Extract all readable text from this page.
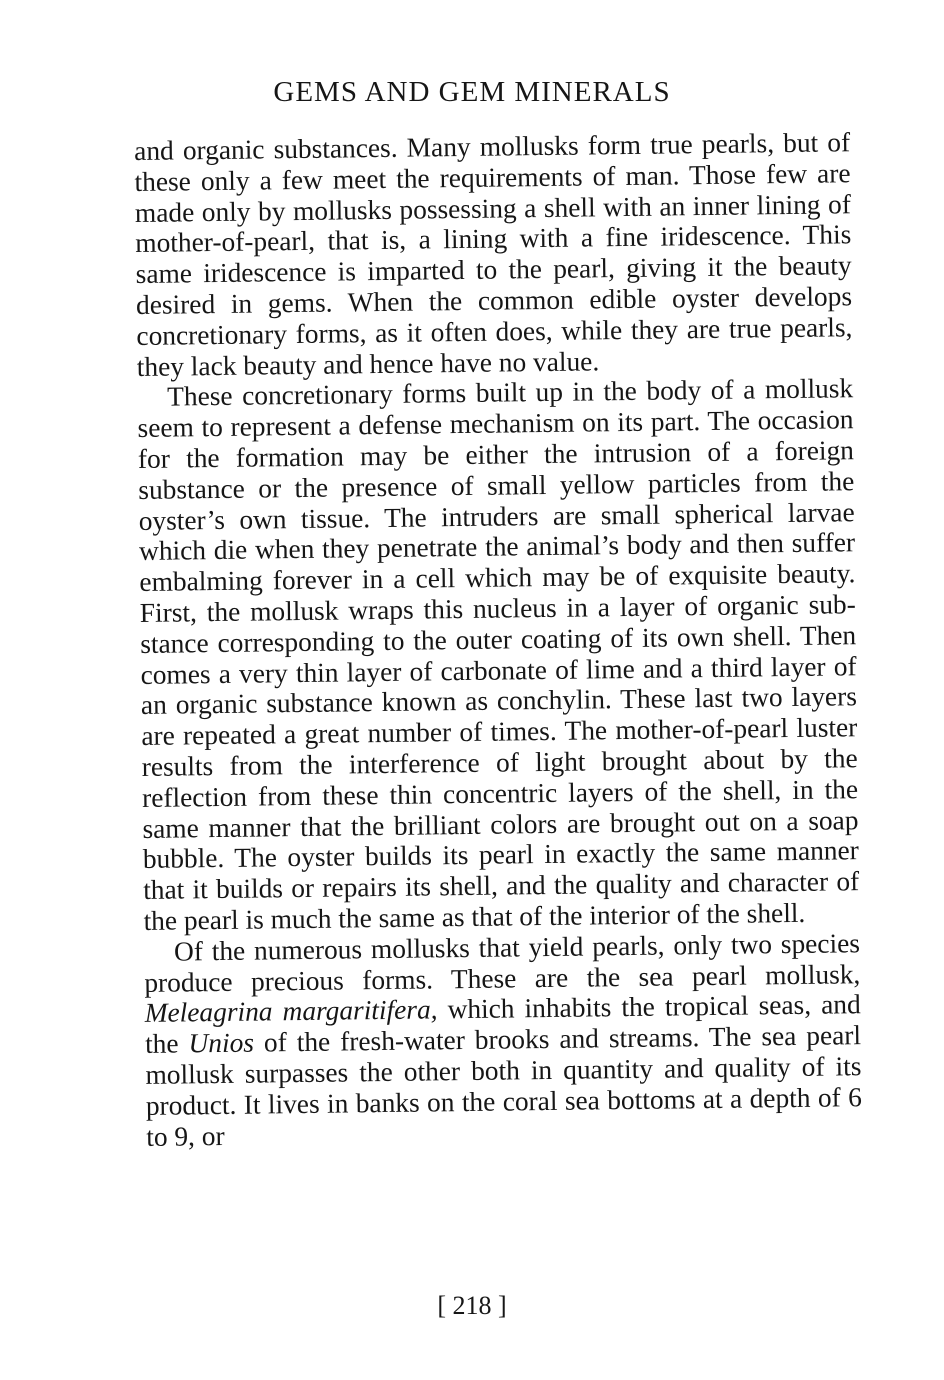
GEMS AND GEM MINERALS

and organic substances. Many mollusks form true pearls, but of these only a few meet the requirements of man. Those few are made only by mollusks possessing a shell with an inner lining of mother-of-pearl, that is, a lining with a fine iridescence. This same iridescence is imparted to the pearl, giving it the beauty desired in gems. When the common edible oyster develops concretionary forms, as it often does, while they are true pearls, they lack beauty and hence have no value.

These concretionary forms built up in the body of a mollusk seem to represent a defense mechanism on its part. The occasion for the formation may be either the intrusion of a foreign substance or the presence of small yellow particles from the oyster’s own tissue. The intruders are small spherical larvae which die when they penetrate the animal’s body and then suffer embalming forever in a cell which may be of exquisite beauty. First, the mollusk wraps this nucleus in a layer of organic substance corresponding to the outer coating of its own shell. Then comes a very thin layer of carbonate of lime and a third layer of an organic substance known as conchylin. These last two layers are repeated a great number of times. The mother-of-pearl luster results from the interference of light brought about by the reflection from these thin concentric layers of the shell, in the same manner that the brilliant colors are brought out on a soap bubble. The oyster builds its pearl in exactly the same manner that it builds or repairs its shell, and the quality and character of the pearl is much the same as that of the interior of the shell.

Of the numerous mollusks that yield pearls, only two species produce precious forms. These are the sea pearl mollusk, Meleagrina margaritifera, which inhabits the tropical seas, and the Unios of the fresh-water brooks and streams. The sea pearl mollusk surpasses the other both in quantity and quality of its product. It lives in banks on the coral sea bottoms at a depth of 6 to 9, or

[ 218 ]
